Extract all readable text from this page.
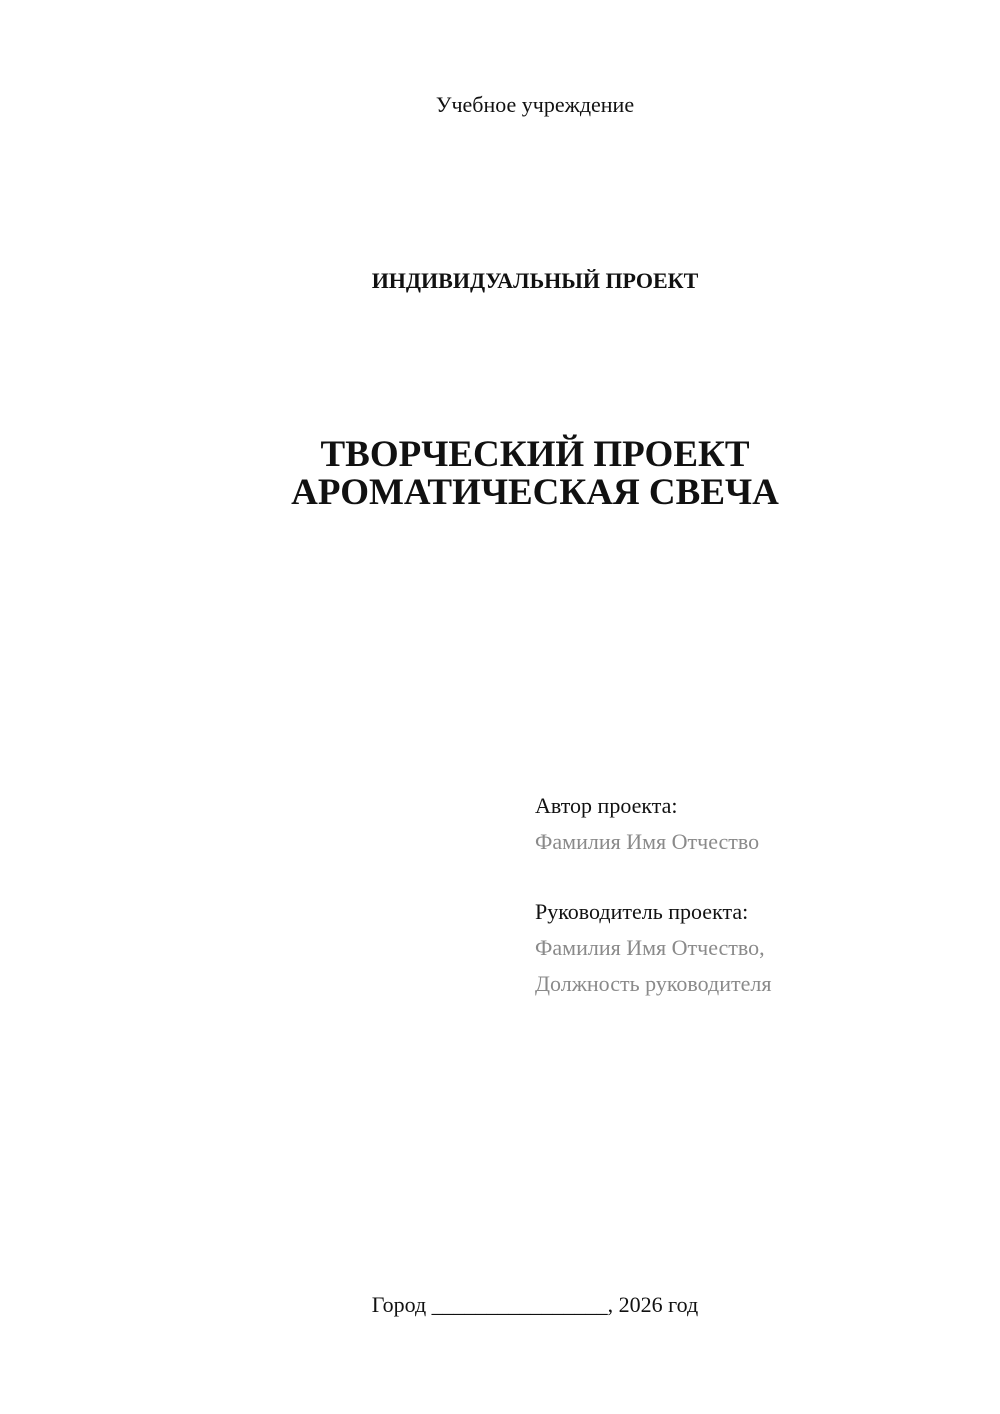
Учебное учреждение
ИНДИВИДУАЛЬНЫЙ ПРОЕКТ
ТВОРЧЕСКИЙ ПРОЕКТ
АРОМАТИЧЕСКАЯ СВЕЧА
Автор проекта:
Фамилия Имя Отчество
Руководитель проекта:
Фамилия Имя Отчество,
Должность руководителя
Город ________________, 2026 год
